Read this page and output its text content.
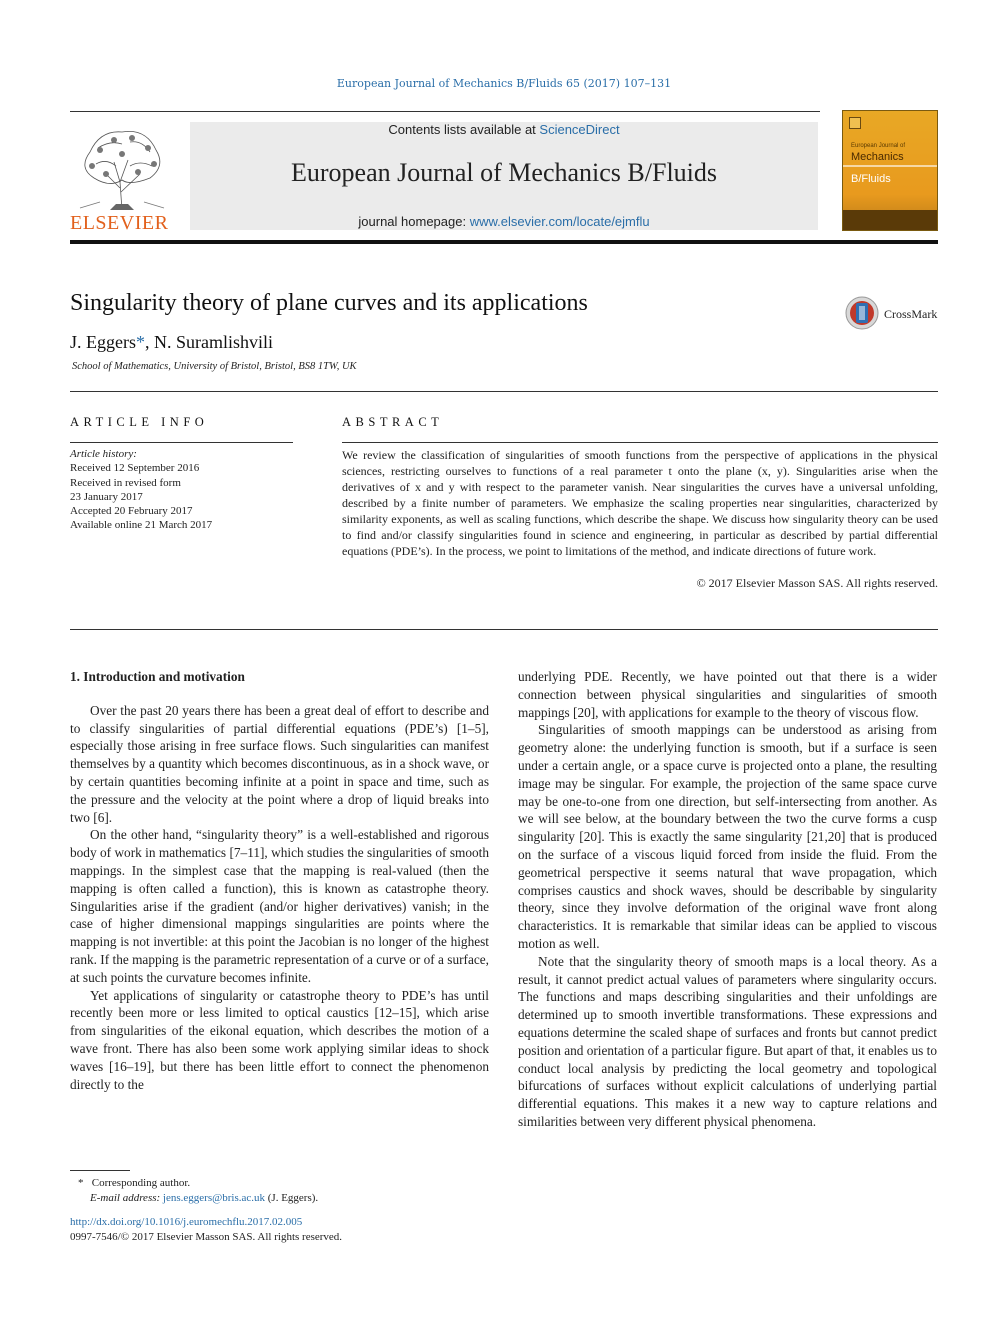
European Journal of Mechanics B/Fluids 65 (2017) 107–131
ELSEVIER
Contents lists available at ScienceDirect
European Journal of Mechanics B/Fluids
journal homepage: www.elsevier.com/locate/ejmflu
European Journal of
Mechanics
B/Fluids
Singularity theory of plane curves and its applications	CrossMark
J. Eggers*, N. Suramlishvili
School of Mathematics, University of Bristol, Bristol, BS8 1TW, UK
ARTICLE INFO	ABSTRACT
Article history:
Received 12 September 2016
Received in revised form
23 January 2017
Accepted 20 February 2017
Available online 21 March 2017
We review the classification of singularities of smooth functions from the perspective of applications in the physical sciences, restricting ourselves to functions of a real parameter t onto the plane (x, y). Singularities arise when the derivatives of x and y with respect to the parameter vanish. Near singularities the curves have a universal unfolding, described by a finite number of parameters. We emphasize the scaling properties near singularities, characterized by similarity exponents, as well as scaling functions, which describe the shape. We discuss how singularity theory can be used to find and/or classify singularities found in science and engineering, in particular as described by partial differential equations (PDE’s). In the process, we point to limitations of the method, and indicate directions of future work.
© 2017 Elsevier Masson SAS. All rights reserved.
1. Introduction and motivation

Over the past 20 years there has been a great deal of effort to describe and to classify singularities of partial differential equations (PDE’s) [1–5], especially those arising in free surface flows. Such singularities can manifest themselves by a quantity which becomes discontinuous, as in a shock wave, or by certain quantities becoming infinite at a point in space and time, such as the pressure and the velocity at the point where a drop of liquid breaks into two [6].

On the other hand, “singularity theory” is a well-established and rigorous body of work in mathematics [7–11], which studies the singularities of smooth mappings. In the simplest case that the mapping is real-valued (then the mapping is often called a function), this is known as catastrophe theory. Singularities arise if the gradient (and/or higher derivatives) vanish; in the case of higher dimensional mappings singularities are points where the mapping is not invertible: at this point the Jacobian is no longer of the highest rank. If the mapping is the parametric representation of a curve or of a surface, at such points the curvature becomes infinite.

Yet applications of singularity or catastrophe theory to PDE’s has until recently been more or less limited to optical caustics [12–15], which arise from singularities of the eikonal equation, which describes the motion of a wave front. There has also been some work applying similar ideas to shock waves [16–19], but there has been little effort to connect the phenomenon directly to the

underlying PDE. Recently, we have pointed out that there is a wider connection between physical singularities and singularities of smooth mappings [20], with applications for example to the theory of viscous flow.

Singularities of smooth mappings can be understood as arising from geometry alone: the underlying function is smooth, but if a surface is seen under a certain angle, or a space curve is projected onto a plane, the resulting image may be singular. For example, the projection of the same space curve may be one-to-one from one direction, but self-intersecting from another. As we will see below, at the boundary between the two the curve forms a cusp singularity [20]. This is exactly the same singularity [21,20] that is produced on the surface of a viscous liquid forced from inside the fluid. From the geometrical perspective it seems natural that wave propagation, which comprises caustics and shock waves, should be describable by singularity theory, since they involve deformation of the original wave front along characteristics. It is remarkable that similar ideas can be applied to viscous motion as well.

Note that the singularity theory of smooth maps is a local theory. As a result, it cannot predict actual values of parameters where singularity occurs. The functions and maps describing singularities and their unfoldings are determined up to smooth invertible transformations. These expressions and equations determine the scaled shape of surfaces and fronts but cannot predict position and orientation of a particular figure. But apart of that, it enables us to conduct local analysis by predicting the local geometry and topological bifurcations of surfaces without explicit calculations of underlying partial differential equations. This makes it a new way to capture relations and similarities between very different physical phenomena.

* Corresponding author.
E-mail address: jens.eggers@bris.ac.uk (J. Eggers).
http://dx.doi.org/10.1016/j.euromechflu.2017.02.005
0997-7546/© 2017 Elsevier Masson SAS. All rights reserved.
